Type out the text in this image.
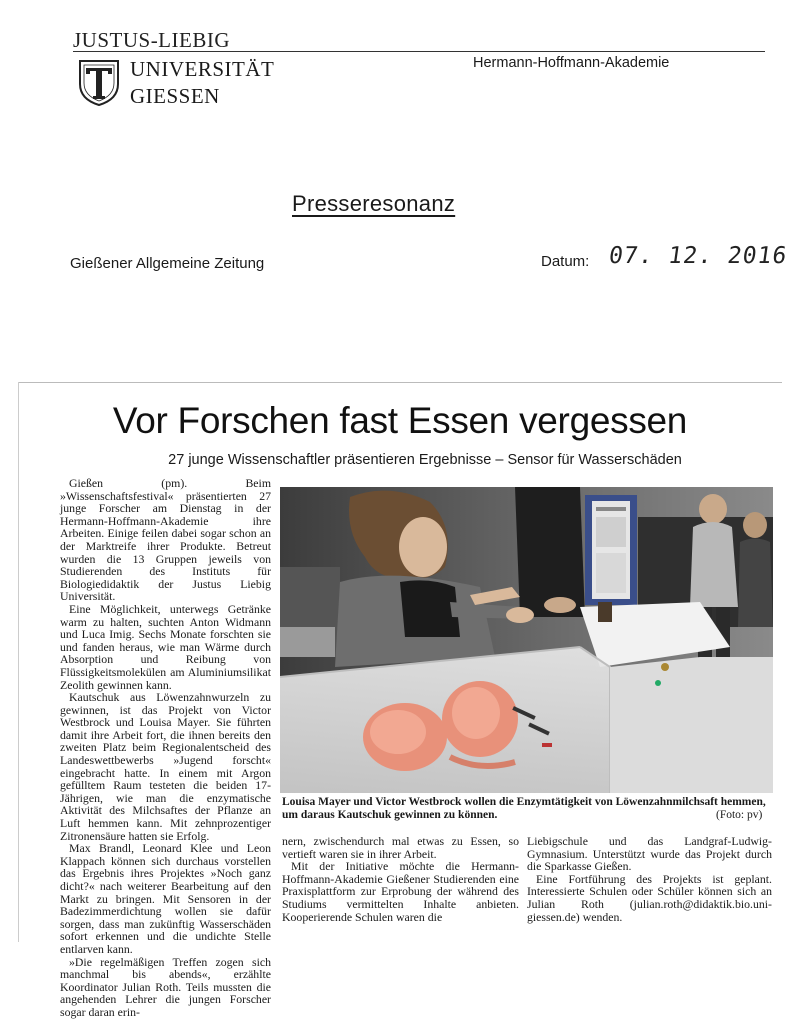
JUSTUS-LIEBIG
UNIVERSITÄT
GIESSEN
Hermann-Hoffmann-Akademie
Presseresonanz
Gießener Allgemeine Zeitung	Datum: 07. 12. 2016
Vor Forschen fast Essen vergessen
27 junge Wissenschaftler präsentieren Ergebnisse – Sensor für Wasserschäden

Gießen (pm). Beim »Wissenschaftsfestival« präsentierten 27 junge Forscher am Dienstag in der Hermann-Hoffmann-Akademie ihre Arbeiten. Einige feilen dabei sogar schon an der Marktreife ihrer Produkte. Betreut wurden die 13 Gruppen jeweils von Studierenden des Instituts für Biologiedidaktik der Justus Liebig Universität.

Eine Möglichkeit, unterwegs Getränke warm zu halten, suchten Anton Widmann und Luca Imig. Sechs Monate forschten sie und fanden heraus, wie man Wärme durch Absorption und Reibung von Flüssigkeitsmolekülen am Aluminiumsilikat Zeolith gewinnen kann.

Kautschuk aus Löwenzahnwurzeln zu gewinnen, ist das Projekt von Victor Westbrock und Louisa Mayer. Sie führten damit ihre Arbeit fort, die ihnen bereits den zweiten Platz beim Regionalentscheid des Landeswettbewerbs »Jugend forscht« eingebracht hatte. In einem mit Argon gefülltem Raum testeten die beiden 17-Jährigen, wie man die enzymatische Aktivität des Milchsaftes der Pflanze an Luft hemmen kann. Mit zehnprozentiger Zitronensäure hatten sie Erfolg.

Max Brandl, Leonard Klee und Leon Klappach können sich durchaus vorstellen das Ergebnis ihres Projektes »Noch ganz dicht?« nach weiterer Bearbeitung auf den Markt zu bringen. Mit Sensoren in der Badezimmerdichtung wollen sie dafür sorgen, dass man zukünftig Wasserschäden sofort erkennen und die undichte Stelle entlarven kann.

»Die regelmäßigen Treffen zogen sich manchmal bis abends«, erzählte Koordinator Julian Roth. Teils mussten die angehenden Lehrer die jungen Forscher sogar daran erin-

Louisa Mayer und Victor Westbrock wollen die Enzymtätigkeit von Löwenzahnmilchsaft hemmen, um daraus Kautschuk gewinnen zu können.	(Foto: pv)

nern, zwischendurch mal etwas zu Essen, so vertieft waren sie in ihrer Arbeit.

Mit der Initiative möchte die Hermann-Hoffmann-Akademie Gießener Studierenden eine Praxisplattform zur Erprobung der während des Studiums vermittelten Inhalte anbieten. Kooperierende Schulen waren die

Liebigschule und das Landgraf-Ludwig-Gymnasium. Unterstützt wurde das Projekt durch die Sparkasse Gießen.

Eine Fortführung des Projekts ist geplant. Interessierte Schulen oder Schüler können sich an Julian Roth (julian.roth@didaktik.bio.uni-giessen.de) wenden.
